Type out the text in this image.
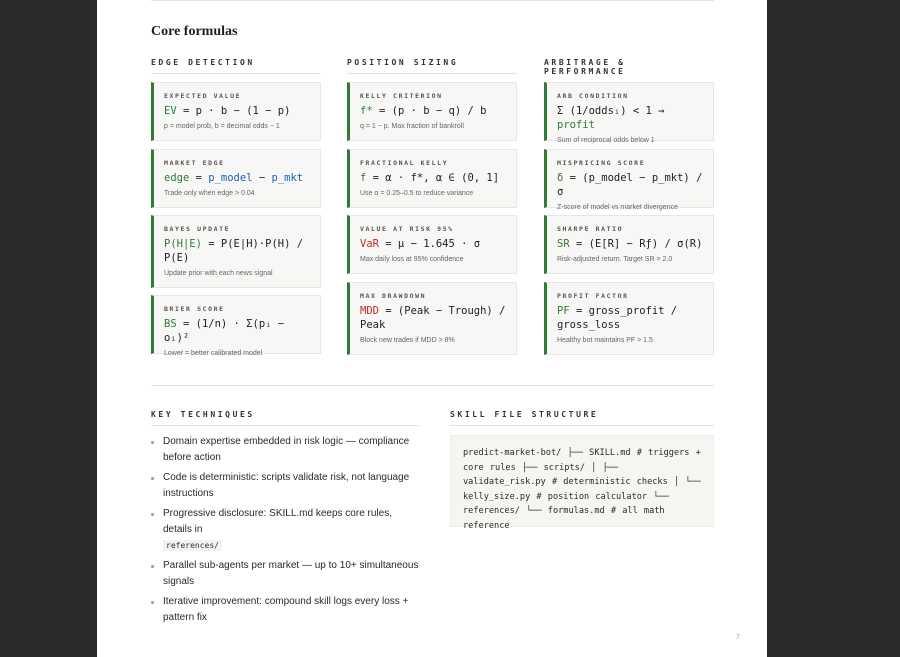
Core formulas
EDGE DETECTION
EXPECTED VALUE
EV = p · b − (1 − p)
p = model prob, b = decimal odds − 1
MARKET EDGE
edge = p_model − p_mkt
Trade only when edge > 0.04
BAYES UPDATE
P(H|E) = P(E|H)·P(H) / P(E)
Update prior with each news signal
BRIER SCORE
BS = (1/n) · Σ(pᵢ − oᵢ)²
Lower = better calibrated model
POSITION SIZING
KELLY CRITERION
f* = (p · b − q) / b
q = 1 − p. Max fraction of bankroll
FRACTIONAL KELLY
f = α · f*, α ∈ (0, 1]
Use α = 0.25–0.5 to reduce variance
VALUE AT RISK 95%
VaR = μ − 1.645 · σ
Max daily loss at 95% confidence
MAX DRAWDOWN
MDD = (Peak − Trough) / Peak
Block new trades if MDD > 8%
ARBITRAGE & PERFORMANCE
ARB CONDITION
Σ (1/oddsᵢ) < 1 → profit
Sum of reciprocal odds below 1
MISPRICING SCORE
δ = (p_model − p_mkt) / σ
Z-score of model vs market divergence
SHARPE RATIO
SR = (E[R] − Rƒ) / σ(R)
Risk-adjusted return. Target SR > 2.0
PROFIT FACTOR
PF = gross_profit / gross_loss
Healthy bot maintains PF > 1.5
KEY TECHNIQUES
Domain expertise embedded in risk logic — compliance before action
Code is deterministic: scripts validate risk, not language instructions
Progressive disclosure: SKILL.md keeps core rules, details in
references/
Parallel sub-agents per market — up to 10+ simultaneous signals
Iterative improvement: compound skill logs every loss + pattern fix
SKILL FILE STRUCTURE
predict-market-bot/ ├── SKILL.md # triggers + core rules ├── scripts/ │ ├── validate_risk.py # deterministic checks │ └── kelly_size.py # position calculator └── references/ └── formulas.md # all math reference
7
